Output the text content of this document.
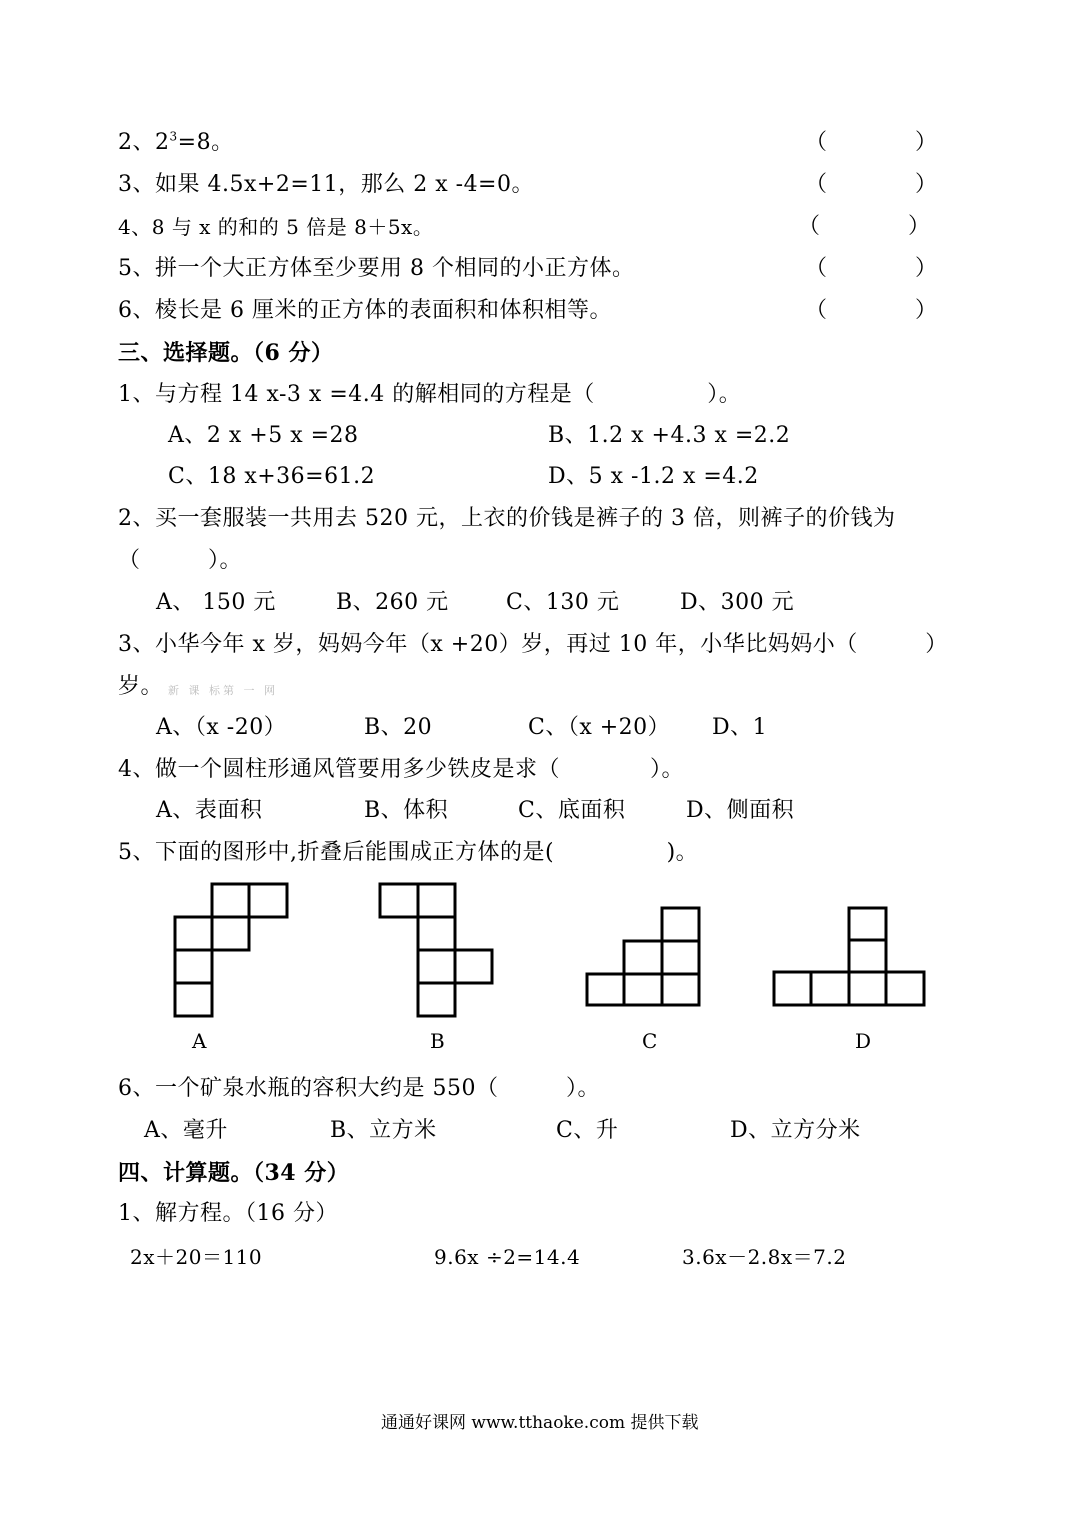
2、$2^3=8$。	（　　　　）
3、如果 4.5x+2=11，那么 2 x -4=0。	（　　　　）
4、8 与 x 的和的 5 倍是 8＋5x。	（　　　　）
5、拼一个大正方体至少要用 8 个相同的小正方体。	（　　　　）
6、棱长是 6 厘米的正方体的表面积和体积相等。	（　　　　）
三、选择题。（6 分）
1、与方程 14 x-3 x =4.4 的解相同的方程是（　　　　　）。
A、2 x +5 x =28	B、1.2 x +4.3 x =2.2
C、18 x+36=61.2	D、5 x -1.2 x =4.2
2、买一套服装一共用去 520 元，上衣的价钱是裤子的 3 倍，则裤子的价钱为
（　　　）。
A、 150 元	B、260 元	C、130 元	D、300 元
3、小华今年 x 岁，妈妈今年（x +20）岁，再过 10 年，小华比妈妈小（　　　）
岁。 新 课 标第 一 网
A、（x -20）	B、20	C、（x +20） D、1
4、做一个圆柱形通风管要用多少铁皮是求（　　　　）。
A、表面积	B、体积	C、底面积	D、侧面积
5、下面的图形中,折叠后能围成正方体的是(　　　　　)。
A	B	C	D
6、一个矿泉水瓶的容积大约是 550（　　　）。
A、毫升	B、立方米	C、升	D、立方分米
四、计算题。（34 分）
1、解方程。（16 分）
2x＋20＝110	9.6x ÷2=14.4	3.6x－2.8x＝7.2
通通好课网 www.tthaoke.com 提供下载
